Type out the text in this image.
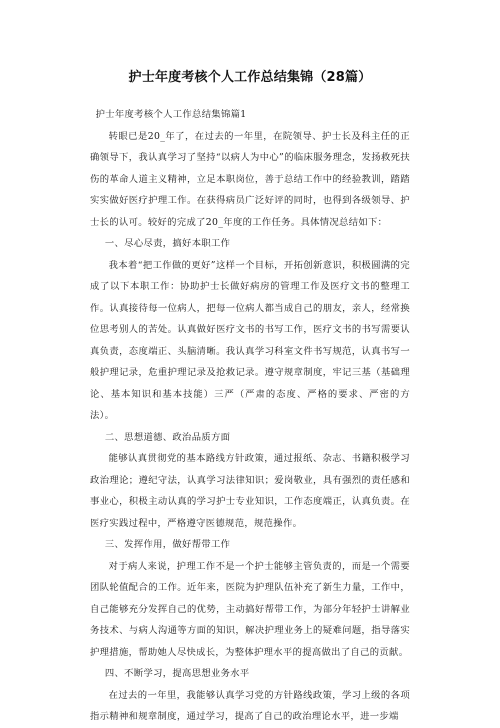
护士年度考核个人工作总结集锦（28篇）

护士年度考核个人工作总结集锦篇1

转眼已是20_年了，在过去的一年里，在院领导、护士长及科主任的正确领导下，我认真学习了坚持“以病人为中心”的临床服务理念，发扬救死扶伤的革命人道主义精神，立足本职岗位，善于总结工作中的经验教训，踏踏实实做好医疗护理工作。在获得病员广泛好评的同时，也得到各级领导、护士长的认可。较好的完成了20_年度的工作任务。具体情况总结如下：

一、尽心尽责，搞好本职工作

我本着“把工作做的更好”这样一个目标，开拓创新意识，积极圆满的完成了以下本职工作：协助护士长做好病房的管理工作及医疗文书的整理工作。认真接待每一位病人，把每一位病人都当成自己的朋友，亲人，经常换位思考别人的苦处。认真做好医疗文书的书写工作，医疗文书的书写需要认真负责，态度端正、头脑清晰。我认真学习科室文件书写规范，认真书写一般护理记录，危重护理记录及抢救记录。遵守规章制度，牢记三基（基础理论、基本知识和基本技能）三严（严肃的态度、严格的要求、严密的方法）。

二、思想道德、政治品质方面

能够认真贯彻党的基本路线方针政策，通过报纸、杂志、书籍积极学习政治理论；遵纪守法，认真学习法律知识；爱岗敬业，具有强烈的责任感和事业心，积极主动认真的学习护士专业知识，工作态度端正，认真负责。在医疗实践过程中，严格遵守医德规范，规范操作。

三、发挥作用，做好帮带工作

对于病人来说，护理工作不是一个护士能够主管负责的，而是一个需要团队轮值配合的工作。近年来，医院为护理队伍补充了新生力量，工作中，自己能够充分发挥自己的优势，主动搞好帮带工作，为部分年轻护士讲解业务技术、与病人沟通等方面的知识，解决护理业务上的疑难问题，指导落实护理措施，帮助她人尽快成长，为整体护理水平的提高做出了自己的贡献。

四、不断学习，提高思想业务水平

在过去的一年里，我能够认真学习党的方针路线政策，学习上级的各项指示精神和规章制度，通过学习，提高了自己的政治理论水平，进一步端
